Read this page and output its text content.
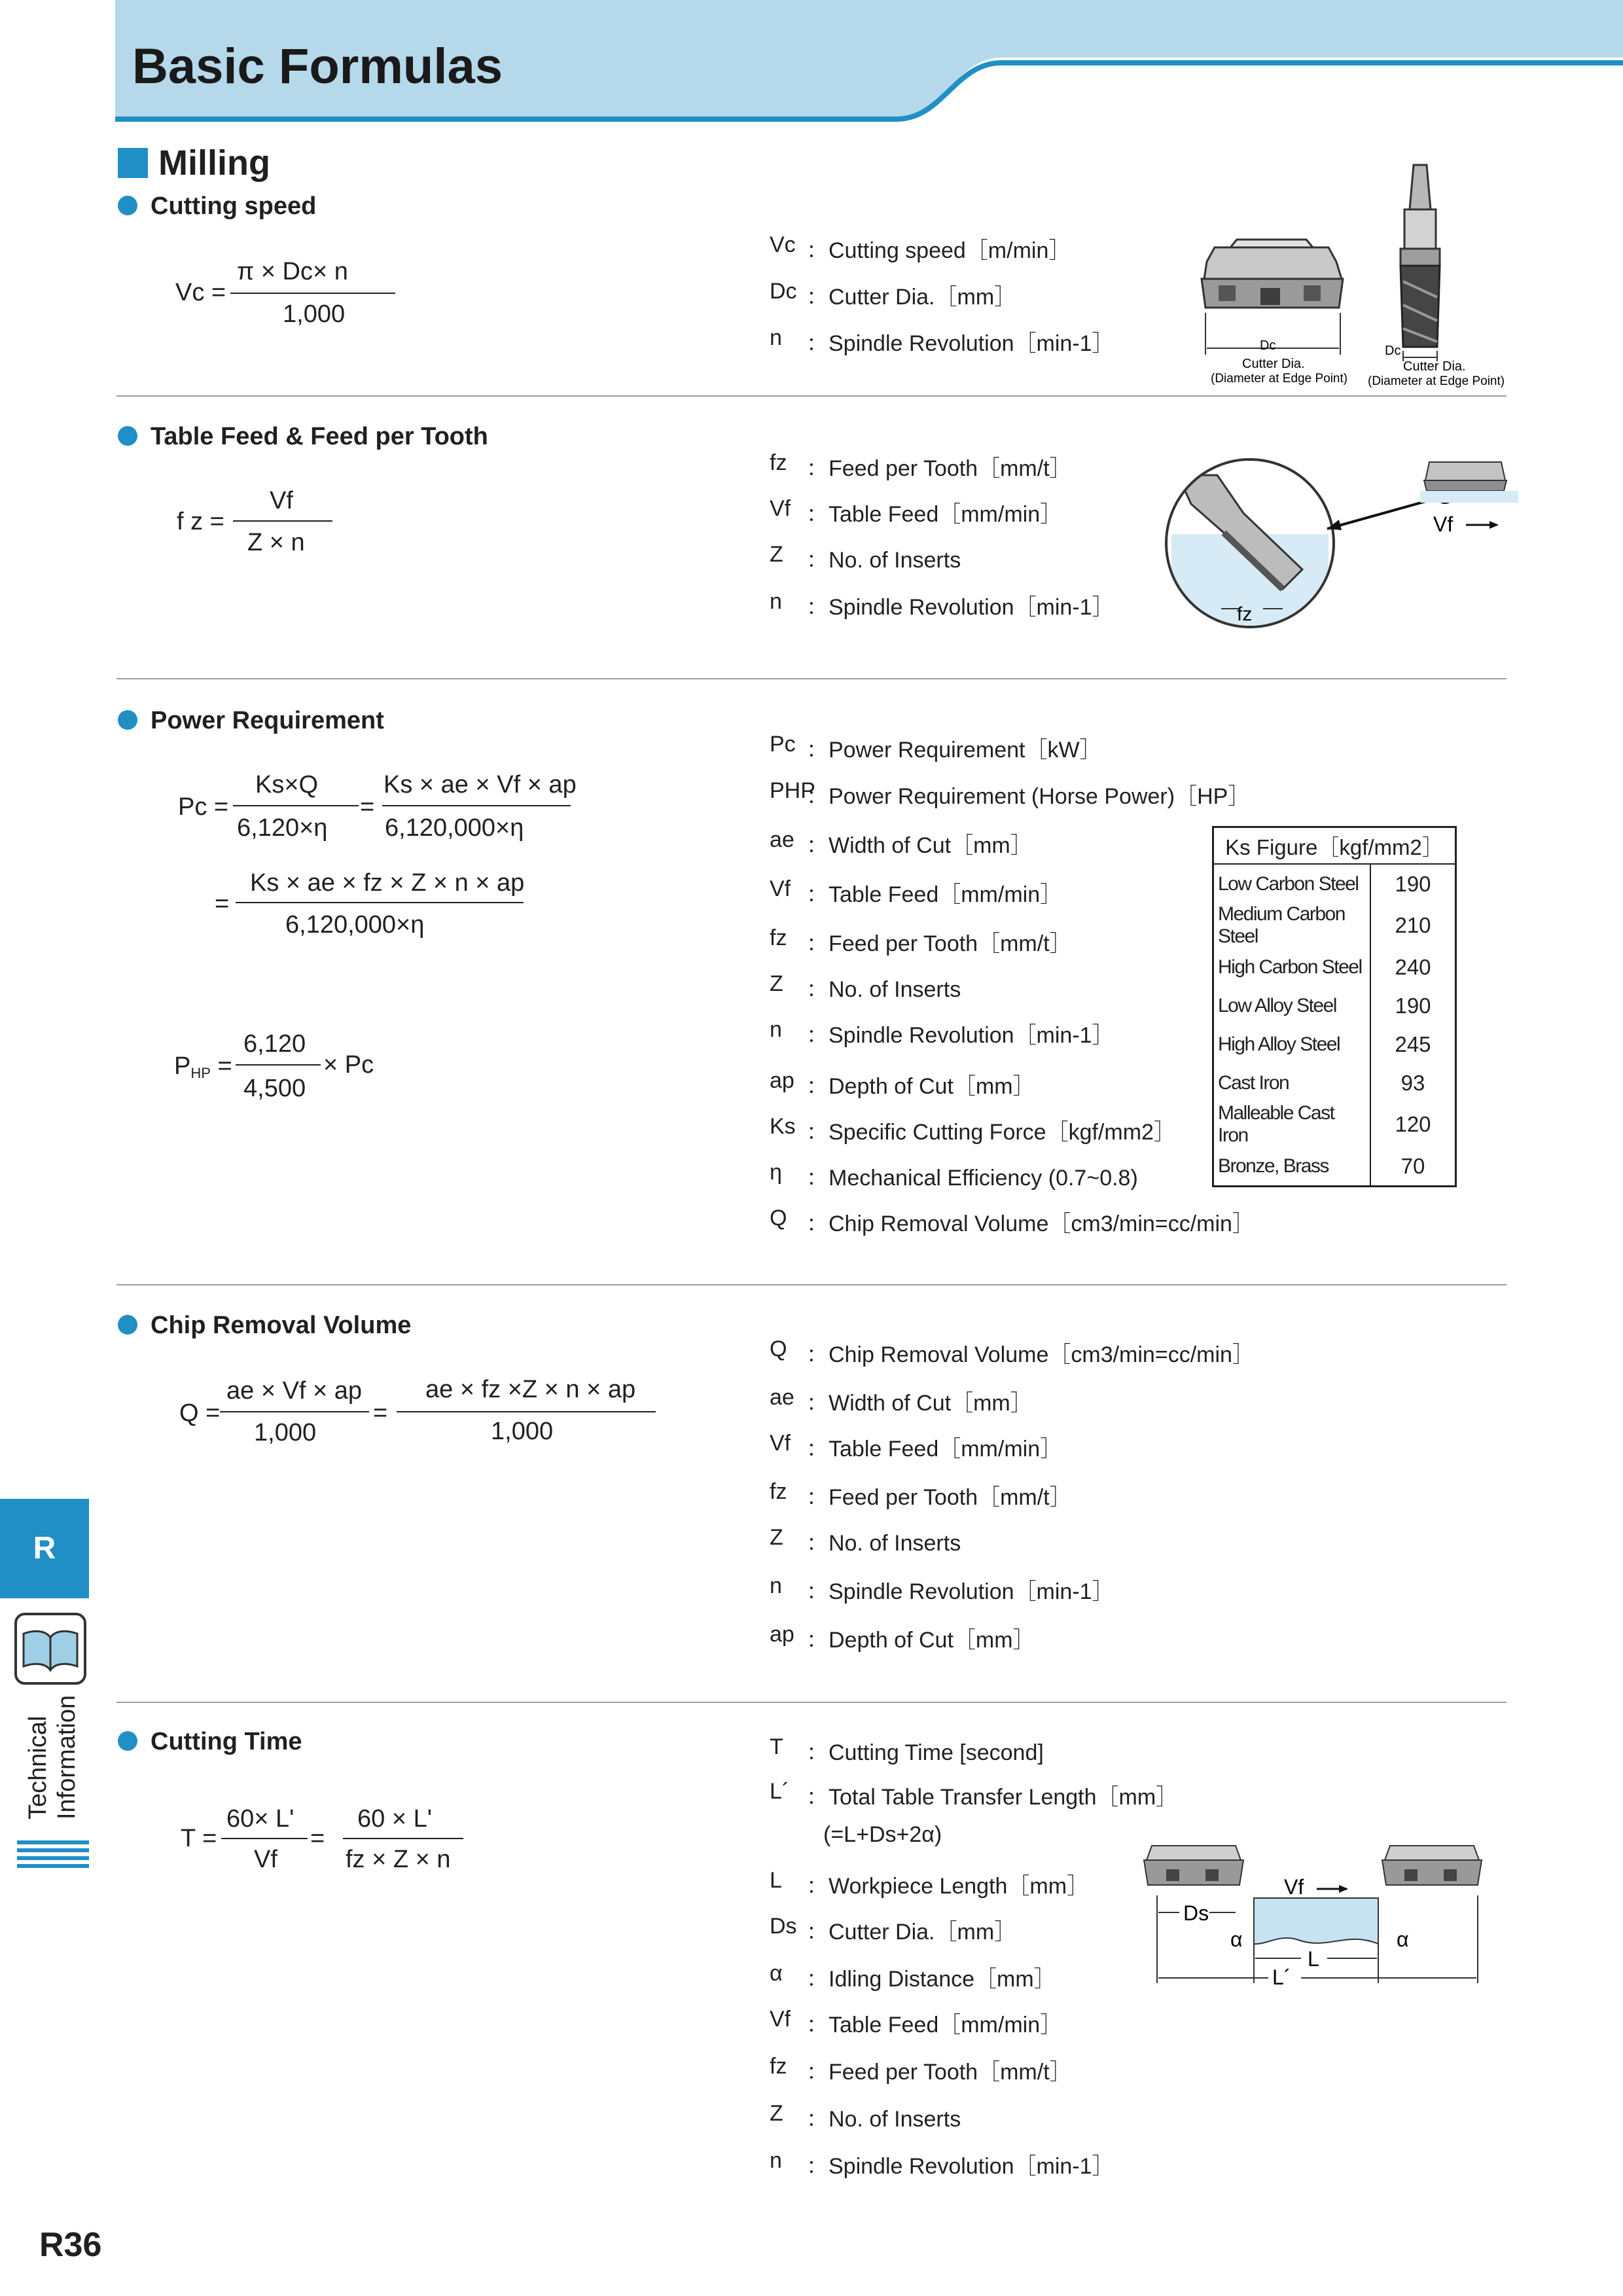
Basic Formulas
Milling
Cutting speed
Vc =
π × Dc× n
1,000
Vc ：Cutting speed［m/min］
Dc ：Cutter Dia.［mm］
n	：Spindle Revolution［min-1］	Dc
Cutter Dia.
(Diameter at Edge Point)
Dc
Cutter Dia.
(Diameter at Edge Point)
Table Feed & Feed per Tooth
f z =
Vf
Z × n
fz ：Feed per Tooth［mm/t］
Vf ：Table Feed［mm/min］
Z	：No. of Inserts
n	：Spindle Revolution［min-1］	fz
Vf
Power Requirement
Pc =
Ks×Q
6,120×η
=
Ks × ae × Vf × ap
6,120,000×η
=
Ks × ae × fz × Z × n × ap
6,120,000×η
$P_{HP}$ =
6,120
4,500
× Pc
Pc ：Power Requirement［kW］
PHP
：Power Requirement (Horse Power)［HP］
ae ：Width of Cut［mm］
Vf ：Table Feed［mm/min］
fz ：Feed per Tooth［mm/t］
Z	：No. of Inserts
n	：Spindle Revolution［min-1］
ap ：Depth of Cut［mm］
Ks ：Specific Cutting Force［kgf/mm2］
η	：Mechanical Efficiency (0.7~0.8)
Q ：Chip Removal Volume［cm3/min=cc/min］
Ks Figure［kgf/mm2］	
Low Carbon Steel	190
Medium Carbon Steel	210
High Carbon Steel	240
Low Alloy Steel	190
High Alloy Steel	245
Cast Iron	93
Malleable Cast Iron	120
Bronze, Brass	70
Chip Removal Volume
Q =
ae × Vf × ap
1,000
=
ae × fz ×Z × n × ap
1,000
Q ：Chip Removal Volume［cm3/min=cc/min］
ae ：Width of Cut［mm］
Vf ：Table Feed［mm/min］
fz ：Feed per Tooth［mm/t］
Z	：No. of Inserts
n	：Spindle Revolution［min-1］
ap ：Depth of Cut［mm］
Cutting Time
T =
60× L'
Vf
=
60 × L'
fz × Z × n
T	：Cutting Time [second]
L´ ：Total Table Transfer Length［mm］
(=L+Ds+2α)
L	：Workpiece Length［mm］
Ds ：Cutter Dia.［mm］
α	：Idling Distance［mm］
Vf ：Table Feed［mm/min］
fz ：Feed per Tooth［mm/t］
Z	：No. of Inserts
n	：Spindle Revolution［min-1］
Vf
Ds
α	α
L
L´
R
Technical Information
R36
